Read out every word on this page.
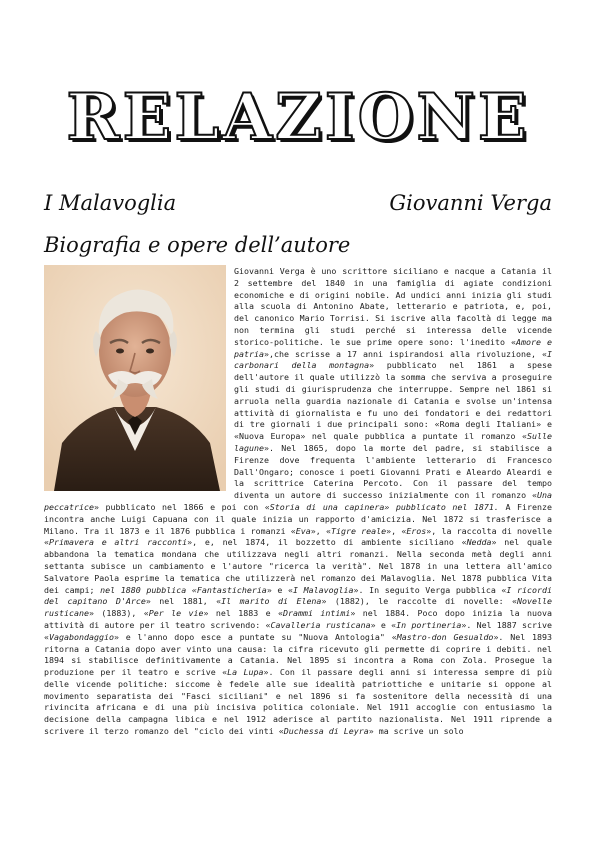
RELAZIONE
I Malavoglia	Giovanni Verga
Biografia e opere dell’autore
Giovanni Verga è uno scrittore siciliano e nacque a Catania il 2 settembre del 1840 in una famiglia di agiate condizioni economiche e di origini nobile. Ad undici anni inizia gli studi alla scuola di Antonino Abate, letterario e patriota, e, poi, del canonico Mario Torrisi. Si iscrive alla facoltà di legge ma non termina gli studi perché si interessa delle vicende storico-politiche. le sue prime opere sono: l'inedito «Amore e patria»,che scrisse a 17 anni ispirandosi alla rivoluzione, «I carbonari della montagna» pubblicato nel 1861 a spese dell'autore il quale utilizzò la somma che serviva a proseguire gli studi di giurisprudenza che interruppe. Sempre nel 1861 si arruola nella guardia nazionale di Catania e svolse un'intensa attività di giornalista e fu uno dei fondatori e dei redattori di tre giornali i due principali sono: «Roma degli Italiani» e «Nuova Europa» nel quale pubblica a puntate il romanzo «Sulle lagune». Nel 1865, dopo la morte del padre, si stabilisce a Firenze dove frequenta l'ambiente letterario di Francesco Dall'Ongaro; conosce i poeti Giovanni Prati e Aleardo Aleardi e la scrittrice Caterina Percoto. Con il passare del tempo diventa un autore di successo inizialmente con il romanzo «Una peccatrice» pubblicato nel 1866 e poi con «Storia di una capinera» pubblicato nel 1871. A Firenze incontra anche Luigi Capuana con il quale inizia un rapporto d'amicizia. Nel 1872 si trasferisce a Milano. Tra il 1873 e il 1876 pubblica i romanzi «Eva», «Tigre reale», «Eros», la raccolta di novelle «Primavera e altri racconti», e, nel 1874, il bozzetto di ambiente siciliano «Nedda» nel quale abbandona la tematica mondana che utilizzava negli altri romanzi. Nella seconda metà degli anni settanta subisce un cambiamento e l'autore "ricerca la verità". Nel 1878 in una lettera all'amico Salvatore Paola esprime la tematica che utilizzerà nel romanzo dei Malavoglia. Nel 1878 pubblica Vita dei campi; nel 1880 pubblica «Fantasticheria» e «I Malavoglia». In seguito Verga pubblica «I ricordi del capitano D'Arce» nel 1881, «Il marito di Elena» (1882), le raccolte di novelle: «Novelle rusticane» (1883), «Per le vie» nel 1883 e «Drammi intimi» nel 1884. Poco dopo inizia la nuova attività di autore per il teatro scrivendo: «Cavalleria rusticana» e «In portineria». Nel 1887 scrive «Vagabondaggio» e l'anno dopo esce a puntate su "Nuova Antologia" «Mastro-don Gesualdo». Nel 1893 ritorna a Catania dopo aver vinto una causa: la cifra ricevuto gli permette di coprire i debiti. nel 1894 si stabilisce definitivamente a Catania. Nel 1895 si incontra a Roma con Zola. Prosegue la produzione per il teatro e scrive «La Lupa». Con il passare degli anni si interessa sempre di più delle vicende politiche: siccome è fedele alle sue idealità patriottiche e unitarie si oppone al movimento separatista dei "Fasci siciliani" e nel 1896 si fa sostenitore della necessità di una rivincita africana e di una più incisiva politica coloniale. Nel 1911 accoglie con entusiasmo la decisione della campagna libica e nel 1912 aderisce al partito nazionalista. Nel 1911 riprende a scrivere il terzo romanzo del "ciclo dei vinti «Duchessa di Leyra» ma scrive un solo
